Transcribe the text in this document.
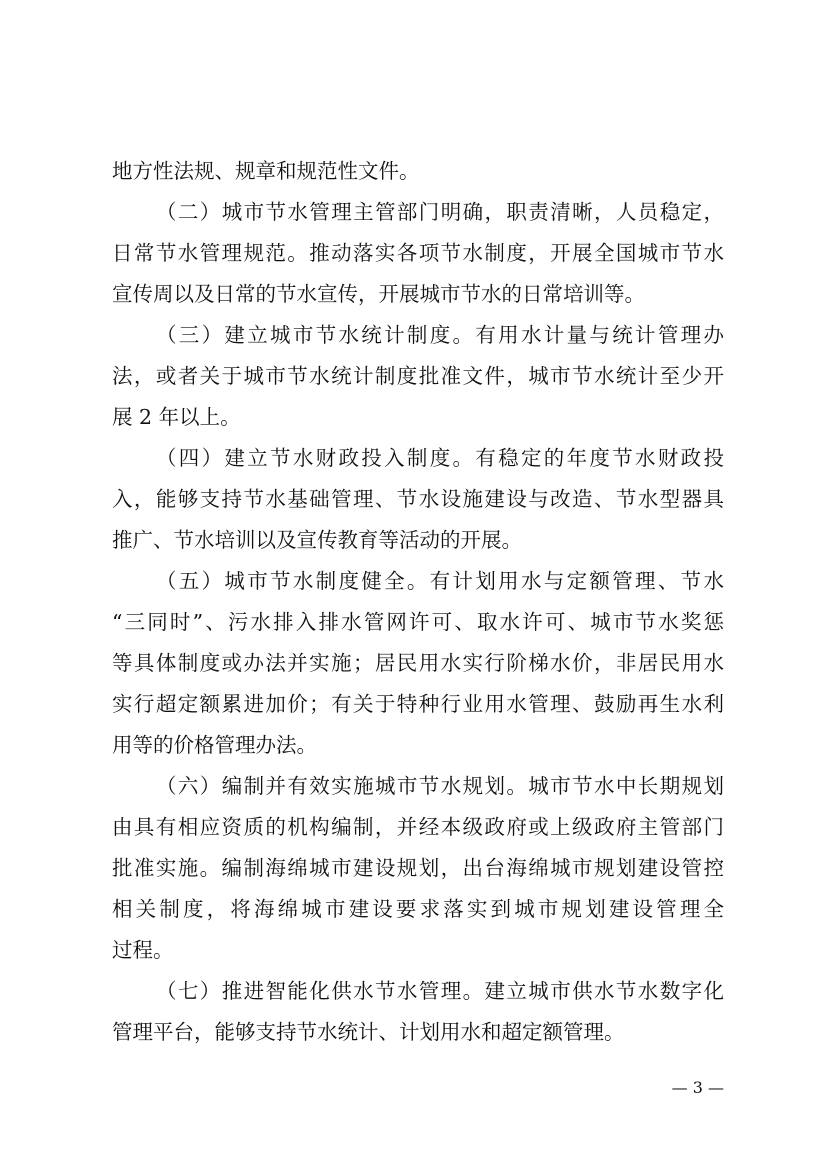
地方性法规、规章和规范性文件。
（二）城市节水管理主管部门明确，职责清晰，人员稳定，
日常节水管理规范。推动落实各项节水制度，开展全国城市节水
宣传周以及日常的节水宣传，开展城市节水的日常培训等。
（三）建立城市节水统计制度。有用水计量与统计管理办
法，或者关于城市节水统计制度批准文件，城市节水统计至少开
展 2 年以上。
（四）建立节水财政投入制度。有稳定的年度节水财政投
入，能够支持节水基础管理、节水设施建设与改造、节水型器具
推广、节水培训以及宣传教育等活动的开展。
（五）城市节水制度健全。有计划用水与定额管理、节水
“三同时”、污水排入排水管网许可、取水许可、城市节水奖惩
等具体制度或办法并实施；居民用水实行阶梯水价，非居民用水
实行超定额累进加价；有关于特种行业用水管理、鼓励再生水利
用等的价格管理办法。
（六）编制并有效实施城市节水规划。城市节水中长期规划
由具有相应资质的机构编制，并经本级政府或上级政府主管部门
批准实施。编制海绵城市建设规划，出台海绵城市规划建设管控
相关制度，将海绵城市建设要求落实到城市规划建设管理全
过程。
（七）推进智能化供水节水管理。建立城市供水节水数字化
管理平台，能够支持节水统计、计划用水和超定额管理。
— 3 —
